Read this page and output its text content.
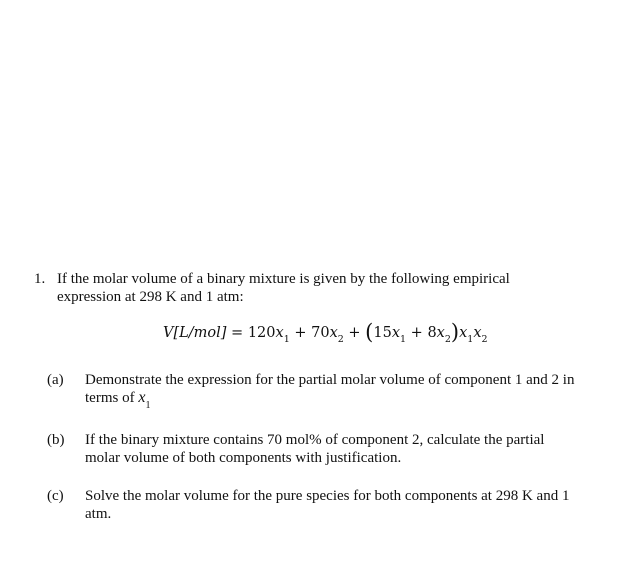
1. If the molar volume of a binary mixture is given by the following empirical
expression at 298 K and 1 atm:
$V[L/mol] = 120x_1 + 70x_2 + (15x_1 + 8x_2)x_1x_2$
(a) Demonstrate the expression for the partial molar volume of component 1 and 2 in
terms of $x_1$
(b) If the binary mixture contains 70 mol% of component 2, calculate the partial
molar volume of both components with justification.
(c) Solve the molar volume for the pure species for both components at 298 K and 1
atm.
